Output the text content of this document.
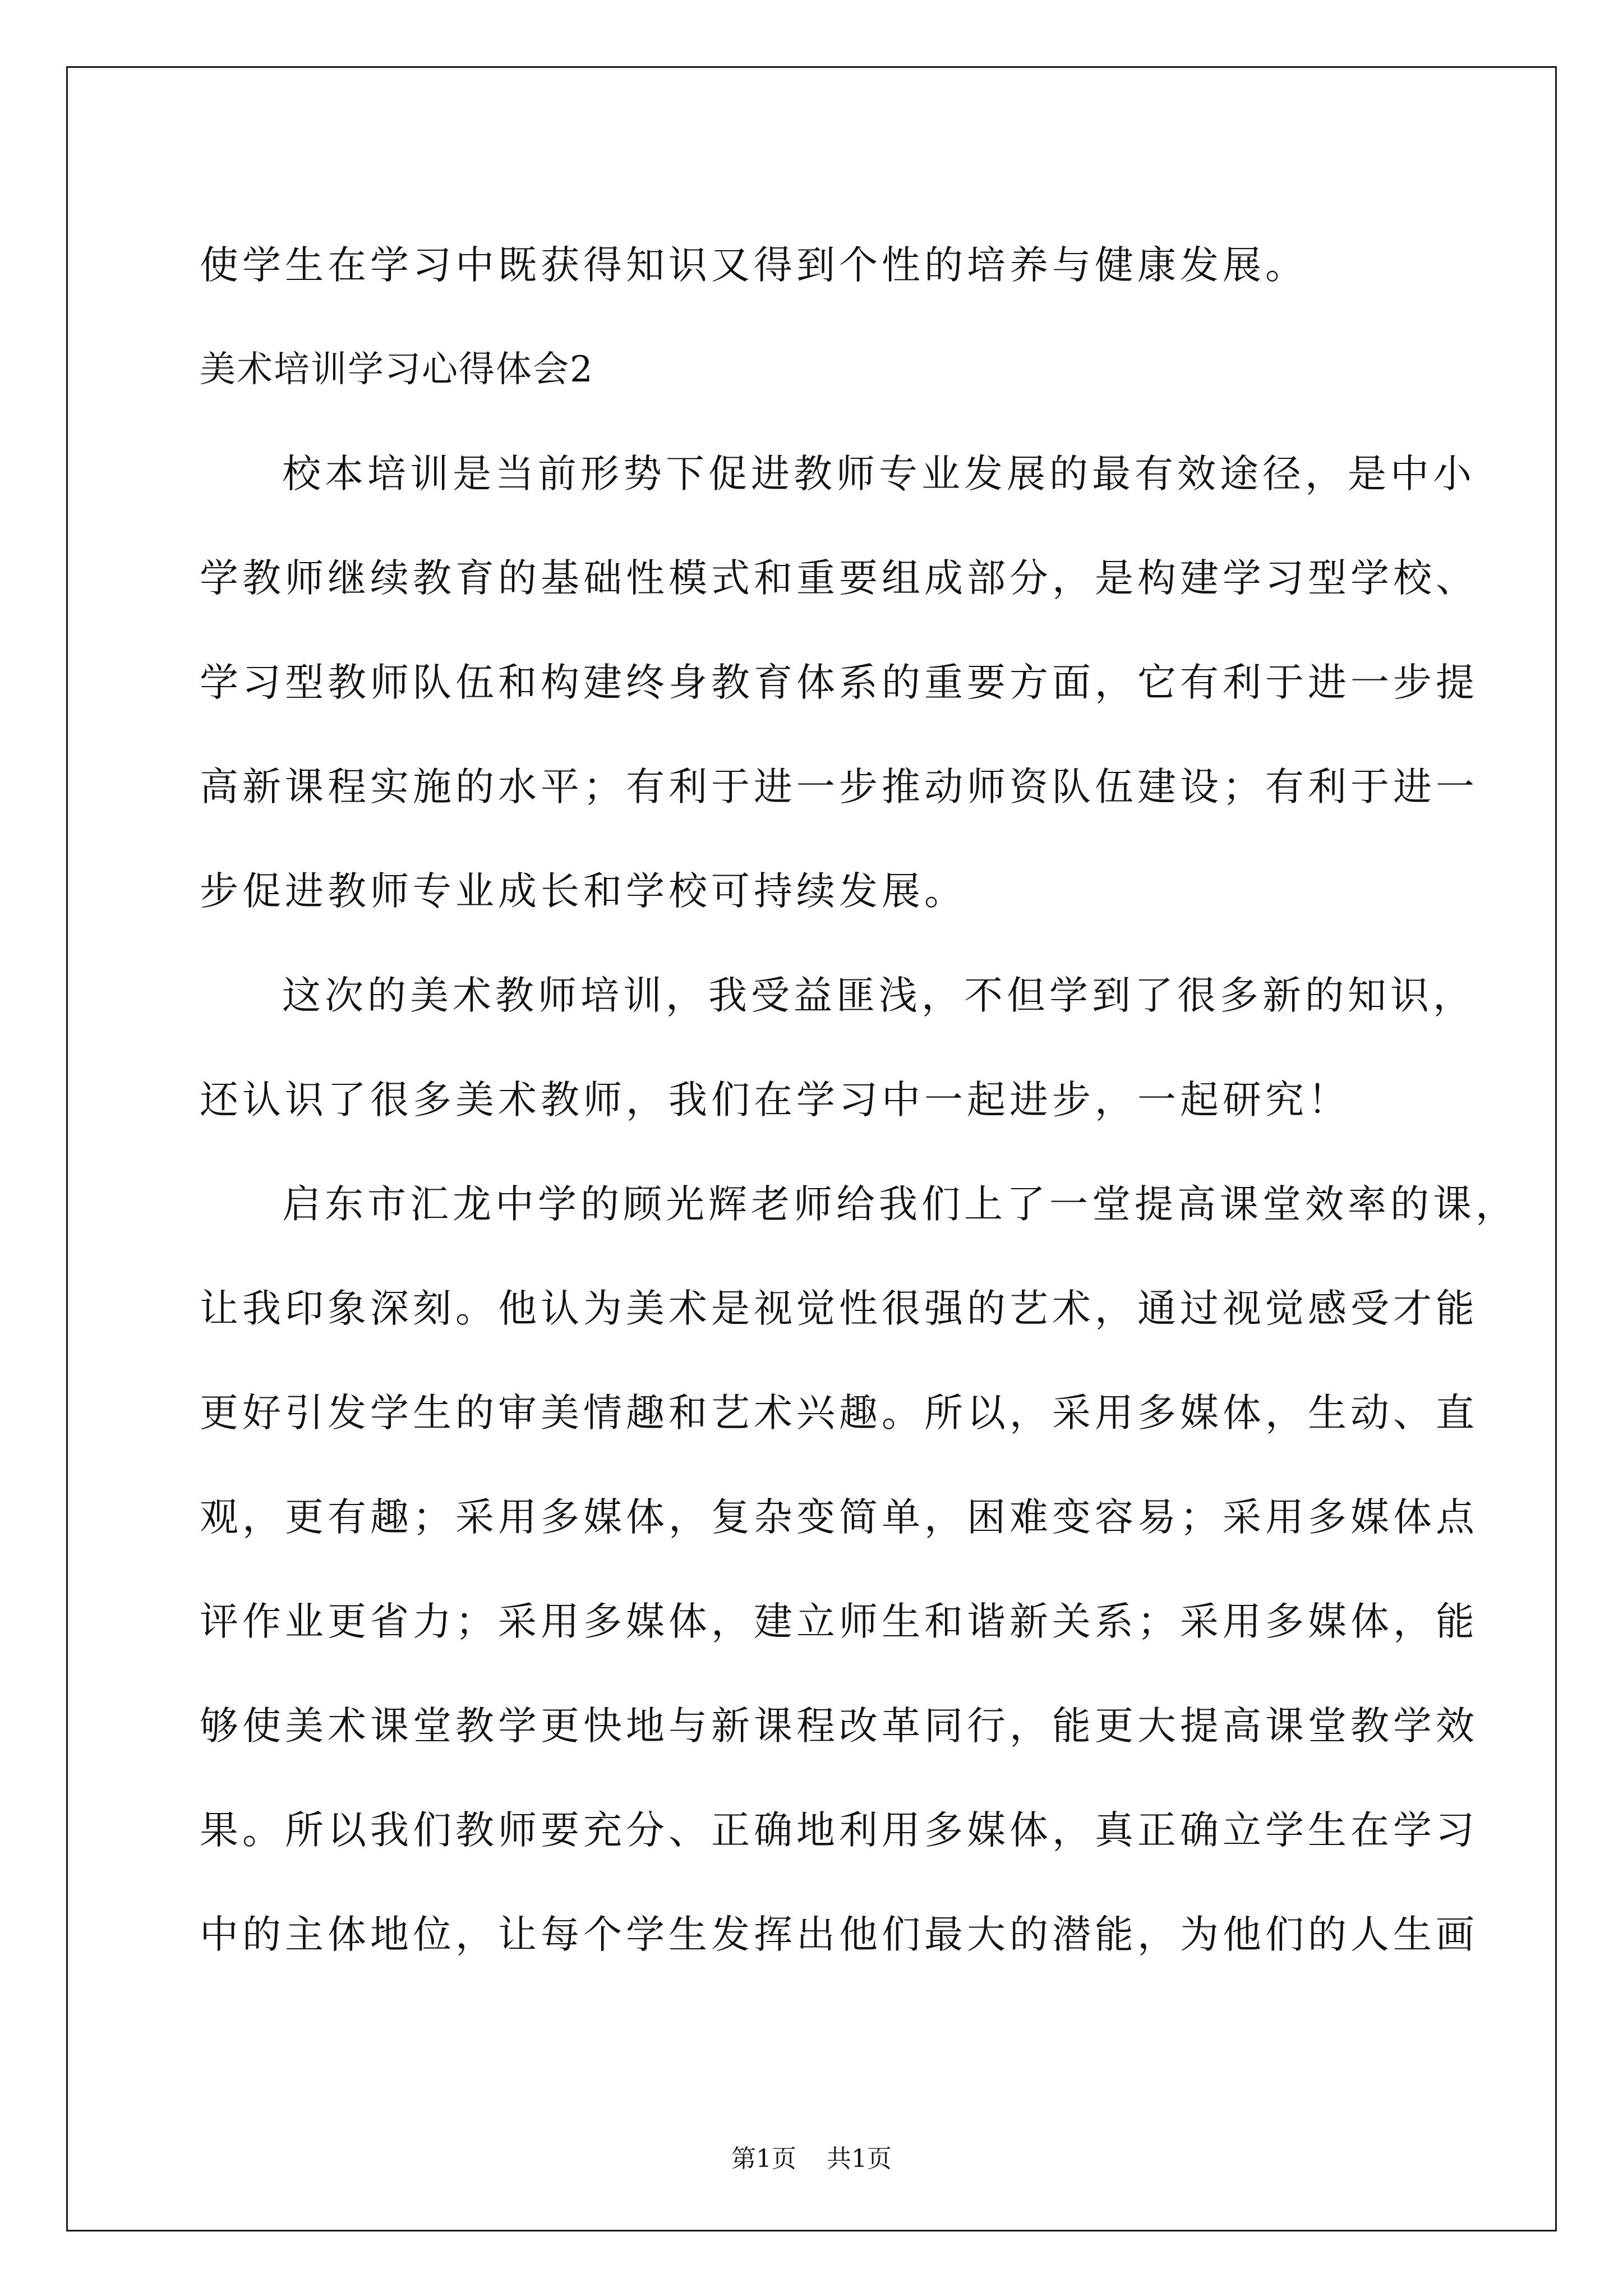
使学生在学习中既获得知识又得到个性的培养与健康发展。

美术培训学习心得体会2

校本培训是当前形势下促进教师专业发展的最有效途径，是中小

学教师继续教育的基础性模式和重要组成部分，是构建学习型学校、

学习型教师队伍和构建终身教育体系的重要方面，它有利于进一步提

高新课程实施的水平；有利于进一步推动师资队伍建设；有利于进一

步促进教师专业成长和学校可持续发展。

这次的美术教师培训，我受益匪浅，不但学到了很多新的知识，

还认识了很多美术教师，我们在学习中一起进步，一起研究！

启东市汇龙中学的顾光辉老师给我们上了一堂提高课堂效率的课，

让我印象深刻。他认为美术是视觉性很强的艺术，通过视觉感受才能

更好引发学生的审美情趣和艺术兴趣。所以，采用多媒体，生动、直

观，更有趣；采用多媒体，复杂变简单，困难变容易；采用多媒体点

评作业更省力；采用多媒体，建立师生和谐新关系；采用多媒体，能

够使美术课堂教学更快地与新课程改革同行，能更大提高课堂教学效

果。所以我们教师要充分、正确地利用多媒体，真正确立学生在学习

中的主体地位，让每个学生发挥出他们最大的潜能，为他们的人生画

第1页 共1页
